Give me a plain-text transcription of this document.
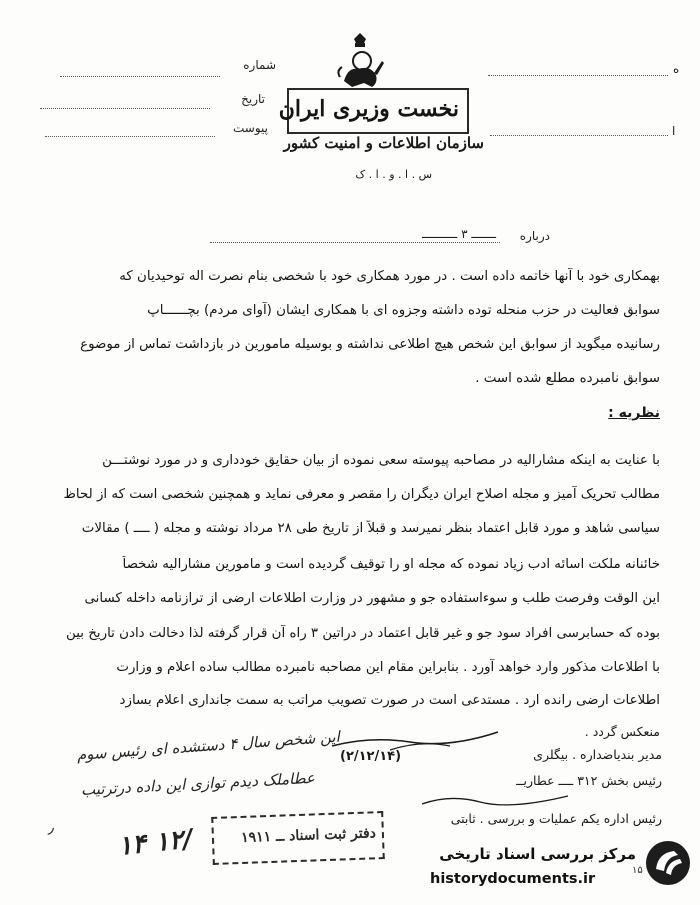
شماره
تاریخ
پیوست
نخست وزیری ایران
سازمان اطلاعات و امنیت کشور
س . ا . و . ا . ک
ه
ا
درباره
ـــــــ ۳ ــــــــــ
بهمکاری خود با آنها خاتمه داده است . در مورد همکاری خود با شخصی بنام نصرت اله توحیدیان که
سوابق فعالیت در حزب منحله توده داشته وجزوه ای با همکاری ایشان (آوای مردم) بچــــــاپ
رسانیده میگوید از سوابق این شخص هیچ اطلاعی نداشته و بوسیله مامورین در بازداشت تماس از موضوع
سوابق نامبرده مطلع شده است .
نظریه :
با عنایت به اینکه مشارالیه در مصاحبه پیوسته سعی نموده از بیان حقایق خودداری و در مورد نوشتـــن
مطالب تحریک آمیز و مجله اصلاح ایران دیگران را مقصر و معرفی نماید و همچنین شخصی است که از لحاظ
سیاسی شاهد و مورد قابل اعتماد بنظر نمیرسد و قبلاً از تاریخ طی ۲۸ مرداد نوشته و مجله ( ــــ ) مقالات
خائنانه ملکت اسائه ادب زیاد نموده که مجله او را توقیف گردیده است و مامورین مشارالیه شخصاً
این الوقت وفرصت طلب و سوءاستفاده جو و مشهور در وزارت اطلاعات ارضی از ترازنامه داخله کسانی
بوده که حسابرسی افراد سود جو و غیر قابل اعتماد در دراتین ۳ راه آن قرار گرفته لذا دخالت دادن تاریخ بین
با اطلاعات مذکور وارد خواهد آورد . بنابراین مقام این مصاحبه نامبرده مطالب ساده اعلام و وزارت
اطلاعات ارضی رانده ارد . مستدعی است در صورت تصویب مراتب به سمت جانداری اعلام بسازد
منعکس گردد .
مدیر بندیاضداره . بیگلری
(۲/۱۲/۱۴)
رئیس بخش ۳۱۲ ــــ عطاریــ
رئیس اداره یکم عملیات و بررسی . ثابتی
این شخص سال ۴ دستشده ای رئیس سوم
عطاملک دیدم توازی این داده درترتیب
٫ ۱۴ ۱۲/	دفتر ثبت اسناد ــ ۱۹۱۱
مرکز بررسی اسناد تاریخی
historydocuments.ir
۱۵
